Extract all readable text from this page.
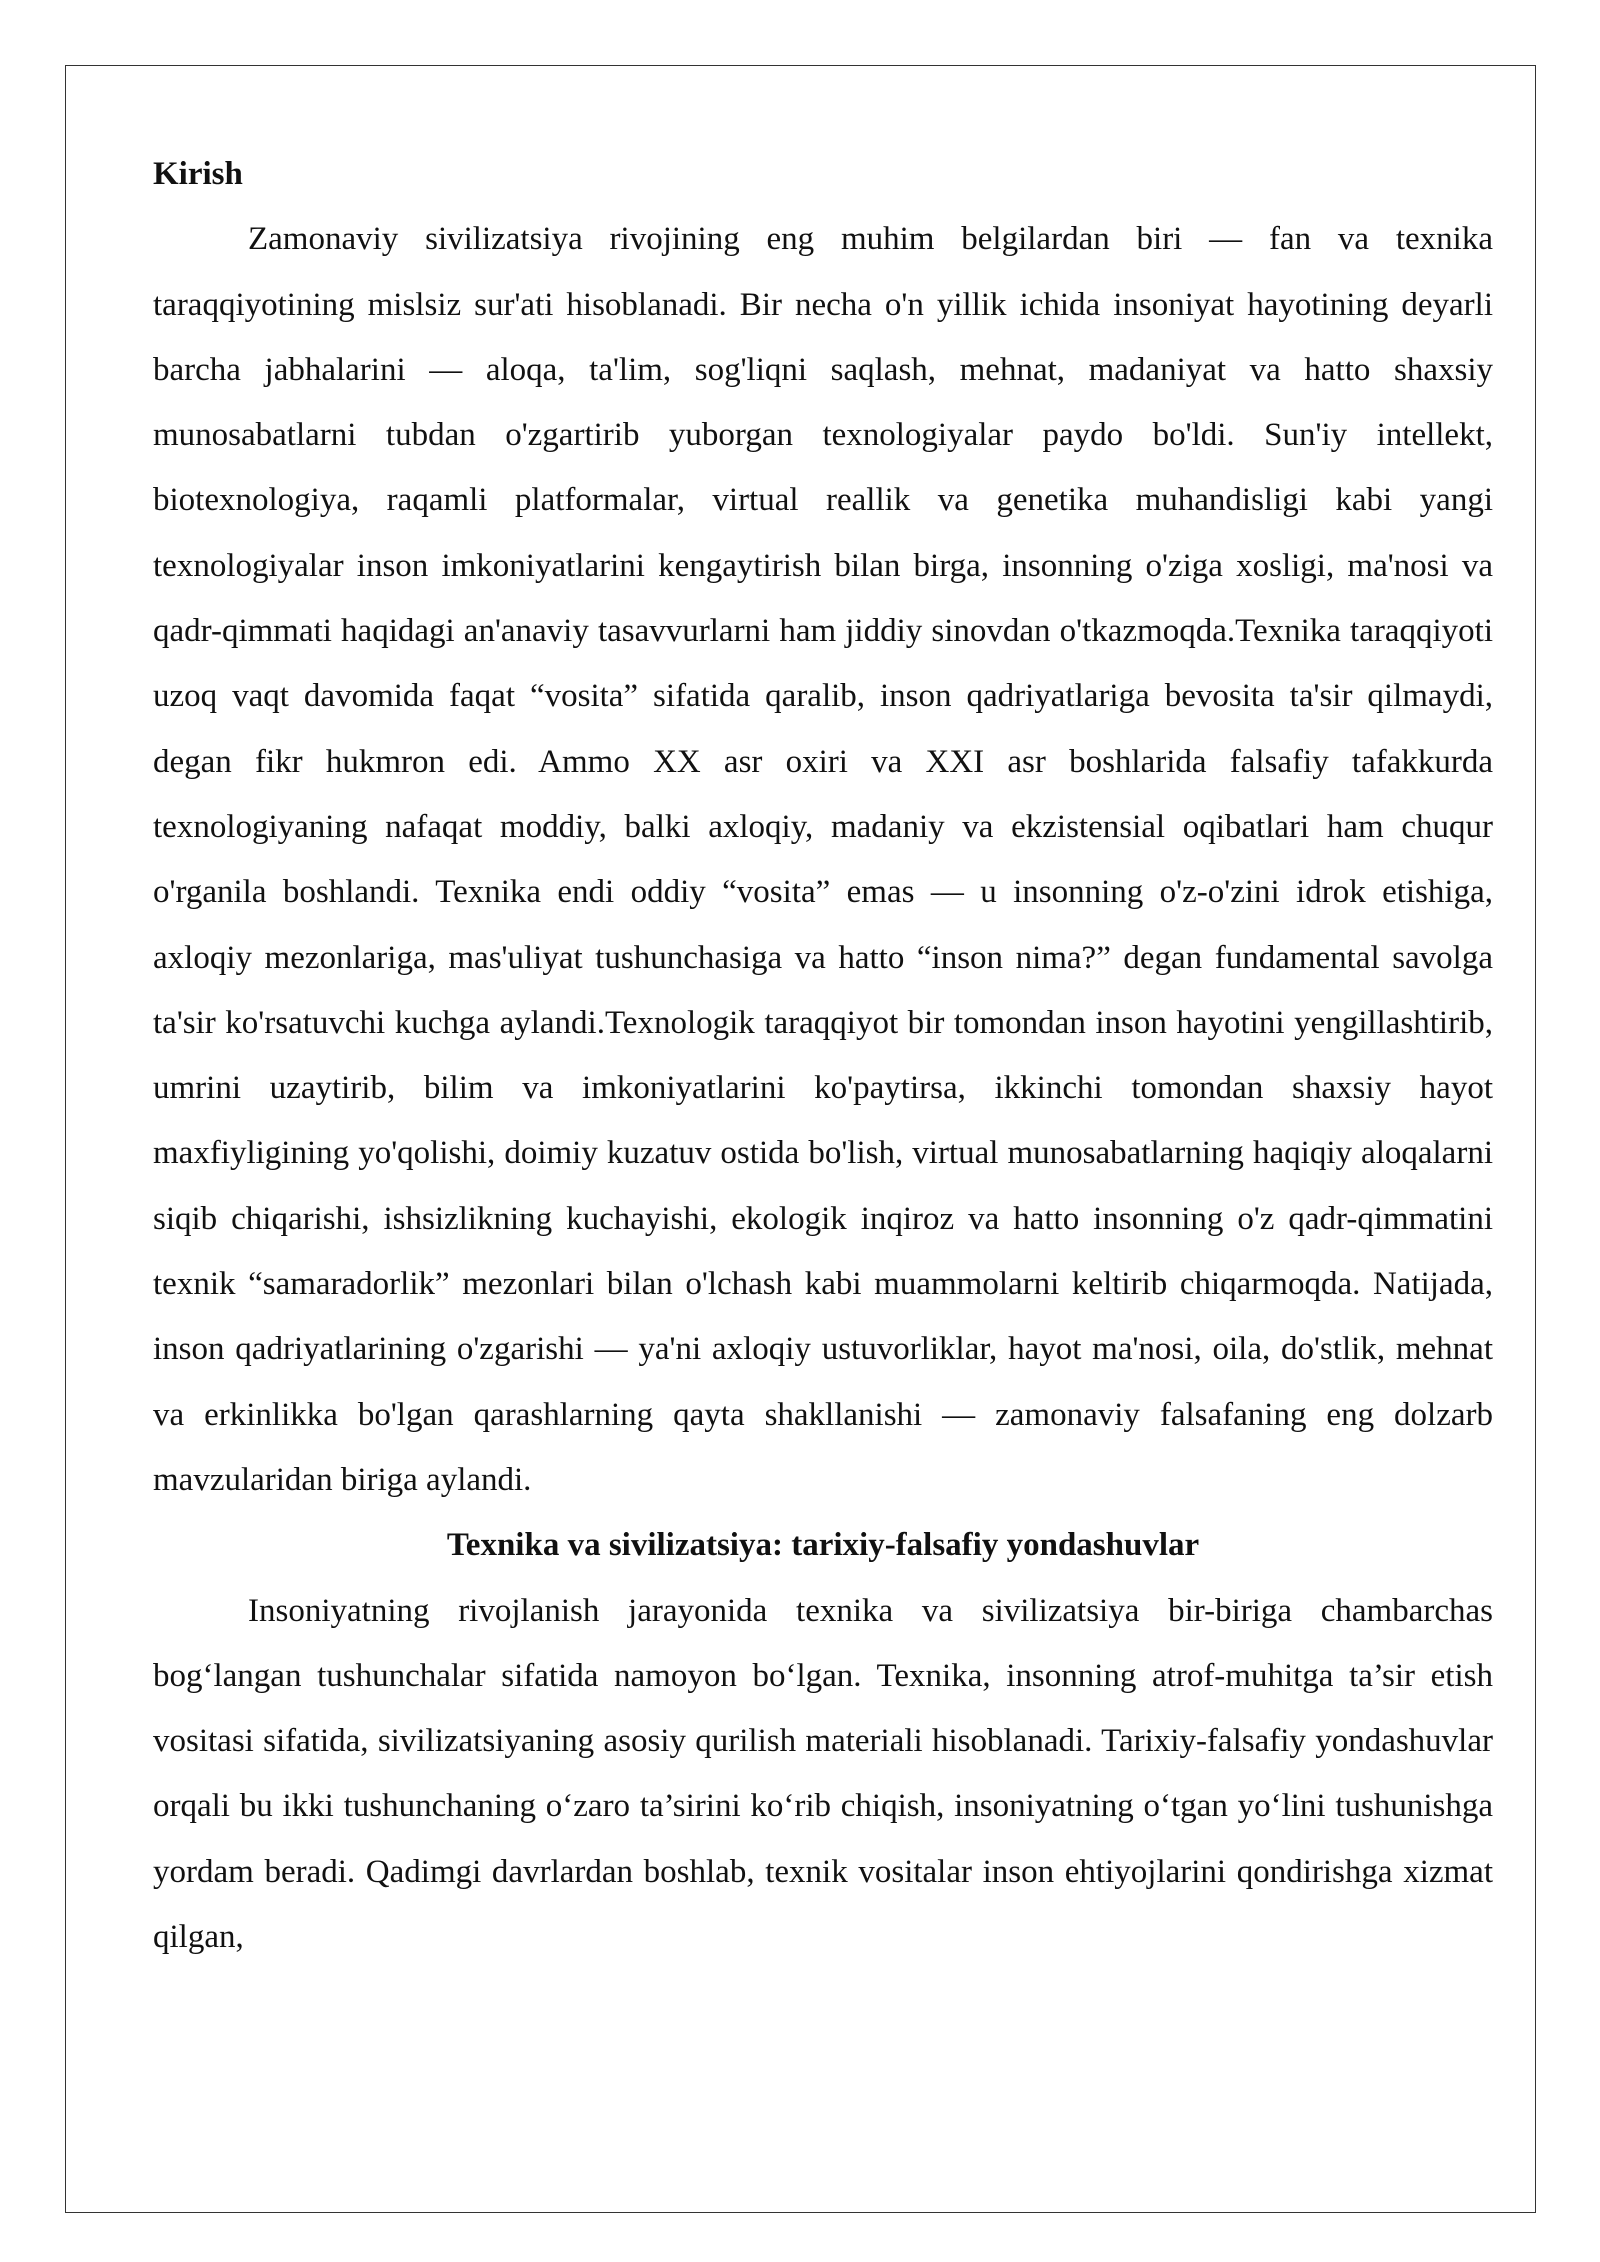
Kirish

Zamonaviy sivilizatsiya rivojining eng muhim belgilardan biri — fan va texnika taraqqiyotining mislsiz sur'ati hisoblanadi. Bir necha o'n yillik ichida insoniyat hayotining deyarli barcha jabhalarini — aloqa, ta'lim, sog'liqni saqlash, mehnat, madaniyat va hatto shaxsiy munosabatlarni tubdan o'zgartirib yuborgan texnologiyalar paydo bo'ldi. Sun'iy intellekt, biotexnologiya, raqamli platformalar, virtual reallik va genetika muhandisligi kabi yangi texnologiyalar inson imkoniyatlarini kengaytirish bilan birga, insonning o'ziga xosligi, ma'nosi va qadr-qimmati haqidagi an'anaviy tasavvurlarni ham jiddiy sinovdan o'tkazmoqda.Texnika taraqqiyoti uzoq vaqt davomida faqat “vosita” sifatida qaralib, inson qadriyatlariga bevosita ta'sir qilmaydi, degan fikr hukmron edi. Ammo XX asr oxiri va XXI asr boshlarida falsafiy tafakkurda texnologiyaning nafaqat moddiy, balki axloqiy, madaniy va ekzistensial oqibatlari ham chuqur o'rganila boshlandi. Texnika endi oddiy “vosita” emas — u insonning o'z-o'zini idrok etishiga, axloqiy mezonlariga, mas'uliyat tushunchasiga va hatto “inson nima?” degan fundamental savolga ta'sir ko'rsatuvchi kuchga aylandi.Texnologik taraqqiyot bir tomondan inson hayotini yengillashtirib, umrini uzaytirib, bilim va imkoniyatlarini ko'paytirsa, ikkinchi tomondan shaxsiy hayot maxfiyligining yo'qolishi, doimiy kuzatuv ostida bo'lish, virtual munosabatlarning haqiqiy aloqalarni siqib chiqarishi, ishsizlikning kuchayishi, ekologik inqiroz va hatto insonning o'z qadr-qimmatini texnik “samaradorlik” mezonlari bilan o'lchash kabi muammolarni keltirib chiqarmoqda. Natijada, inson qadriyatlarining o'zgarishi — ya'ni axloqiy ustuvorliklar, hayot ma'nosi, oila, do'stlik, mehnat va erkinlikka bo'lgan qarashlarning qayta shakllanishi — zamonaviy falsafaning eng dolzarb mavzularidan biriga aylandi.

Texnika va sivilizatsiya: tarixiy-falsafiy yondashuvlar

Insoniyatning rivojlanish jarayonida texnika va sivilizatsiya bir-biriga chambarchas bog‘langan tushunchalar sifatida namoyon bo‘lgan. Texnika, insonning atrof-muhitga ta’sir etish vositasi sifatida, sivilizatsiyaning asosiy qurilish materiali hisoblanadi. Tarixiy-falsafiy yondashuvlar orqali bu ikki tushunchaning o‘zaro ta’sirini ko‘rib chiqish, insoniyatning o‘tgan yo‘lini tushunishga yordam beradi. Qadimgi davrlardan boshlab, texnik vositalar inson ehtiyojlarini qondirishga xizmat qilgan,
